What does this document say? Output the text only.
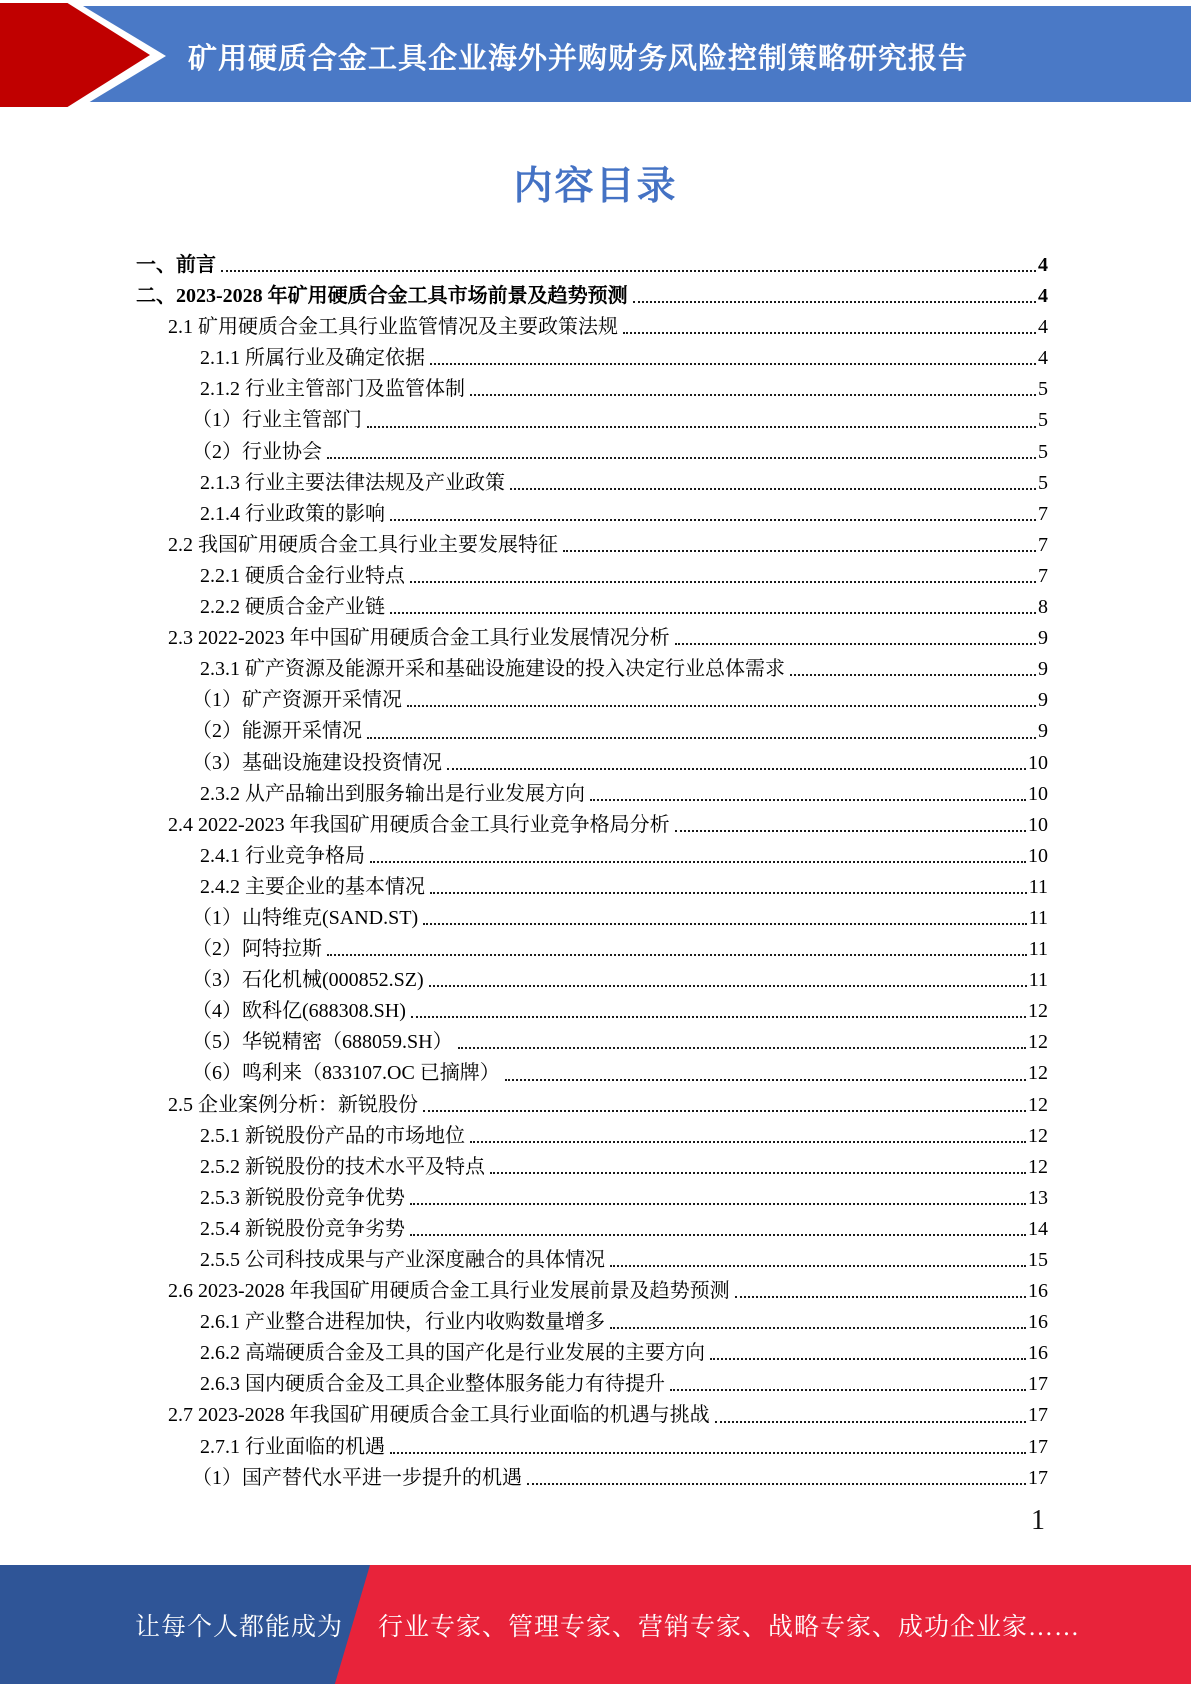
矿用硬质合金工具企业海外并购财务风险控制策略研究报告
内容目录
一、前言	4
二、2023-2028 年矿用硬质合金工具市场前景及趋势预测	4
2.1 矿用硬质合金工具行业监管情况及主要政策法规	4
2.1.1 所属行业及确定依据	4
2.1.2 行业主管部门及监管体制	5
（1）行业主管部门	5
（2）行业协会	5
2.1.3 行业主要法律法规及产业政策	5
2.1.4 行业政策的影响	7
2.2 我国矿用硬质合金工具行业主要发展特征	7
2.2.1 硬质合金行业特点	7
2.2.2 硬质合金产业链	8
2.3 2022-2023 年中国矿用硬质合金工具行业发展情况分析	9
2.3.1 矿产资源及能源开采和基础设施建设的投入决定行业总体需求	9
（1）矿产资源开采情况	9
（2）能源开采情况	9
（3）基础设施建设投资情况	10
2.3.2 从产品输出到服务输出是行业发展方向	10
2.4 2022-2023 年我国矿用硬质合金工具行业竞争格局分析	10
2.4.1 行业竞争格局	10
2.4.2 主要企业的基本情况	11
（1）山特维克(SAND.ST)	11
（2）阿特拉斯	11
（3）石化机械(000852.SZ)	11
（4）欧科亿(688308.SH)	12
（5）华锐精密（688059.SH）	12
（6）鸣利来（833107.OC 已摘牌）	12
2.5 企业案例分析：新锐股份	12
2.5.1 新锐股份产品的市场地位	12
2.5.2 新锐股份的技术水平及特点	12
2.5.3 新锐股份竞争优势	13
2.5.4 新锐股份竞争劣势	14
2.5.5 公司科技成果与产业深度融合的具体情况	15
2.6 2023-2028 年我国矿用硬质合金工具行业发展前景及趋势预测	16
2.6.1 产业整合进程加快，行业内收购数量增多	16
2.6.2 高端硬质合金及工具的国产化是行业发展的主要方向	16
2.6.3 国内硬质合金及工具企业整体服务能力有待提升	17
2.7 2023-2028 年我国矿用硬质合金工具行业面临的机遇与挑战	17
2.7.1 行业面临的机遇	17
（1）国产替代水平进一步提升的机遇	17
1
让每个人都能成为 行业专家、管理专家、营销专家、战略专家、成功企业家……
